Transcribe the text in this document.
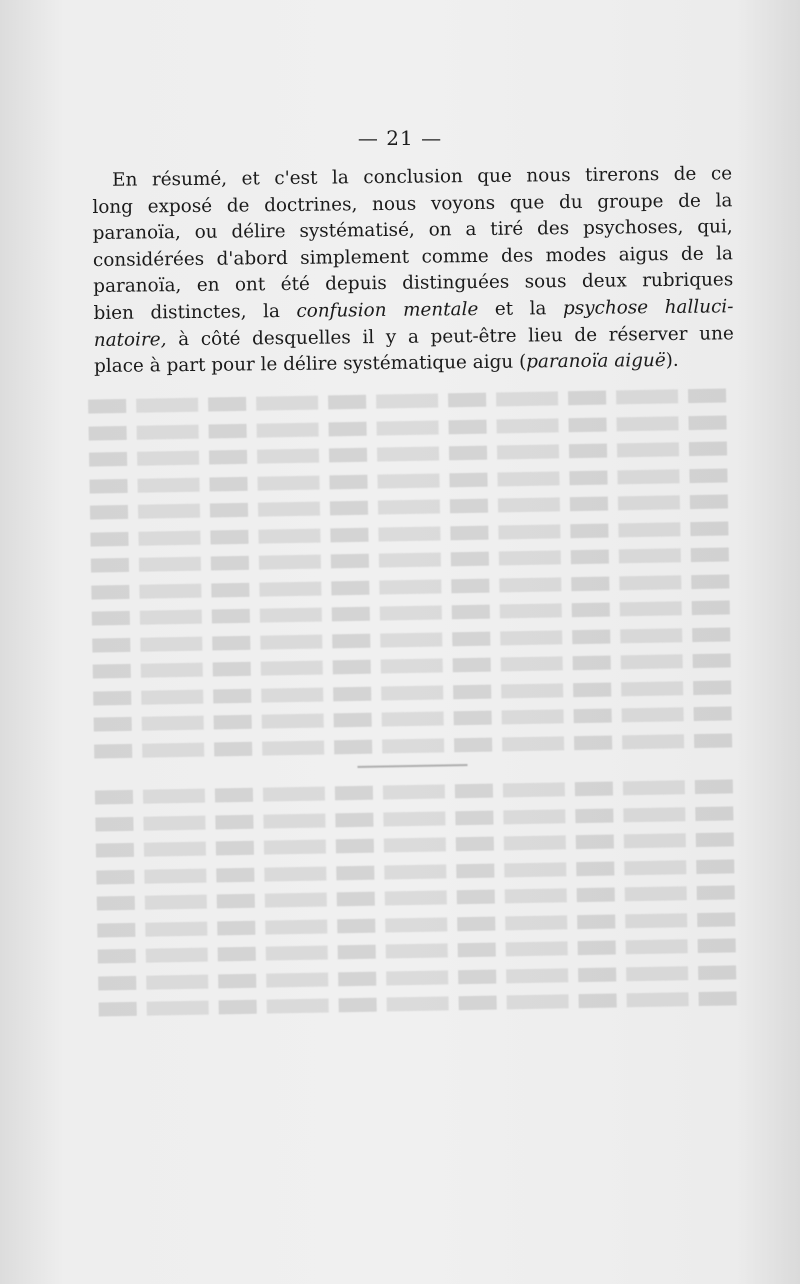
— 21 —
En résumé, et c'est la conclusion que nous tirerons de ce
long exposé de doctrines, nous voyons que du groupe de la
paranoïa, ou délire systématisé, on a tiré des psychoses, qui,
considérées d'abord simplement comme des modes aigus de la
paranoïa, en ont été depuis distinguées sous deux rubriques
bien distinctes, la confusion mentale et la psychose halluci-
natoire, à côté desquelles il y a peut-être lieu de réserver une
place à part pour le délire systématique aigu (paranoïa aiguë).
